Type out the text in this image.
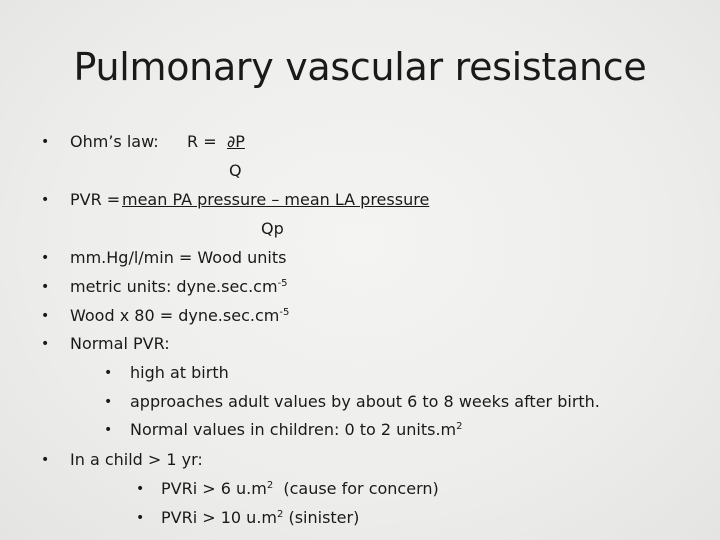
Pulmonary vascular resistance
• Ohm’s law: R = ∂P
Q
• PVR = mean PA pressure – mean LA pressure
Qp
• mm.Hg/l/min = Wood units
• metric units: $dyne.\sec.cm^{-5}$
• Wood x $80 = dyne.\sec.cm^{-5}$
• Normal PVR:
• high at birth
• approaches adult values by about 6 to 8 weeks after birth.
• Normal values in children: 0 to 2 $units.m^2$
• In a child > 1 yr:
• PVRi > 6 $u.m^2$  (cause for concern)
• PVRi > 10 $u.m^2$ (sinister)
